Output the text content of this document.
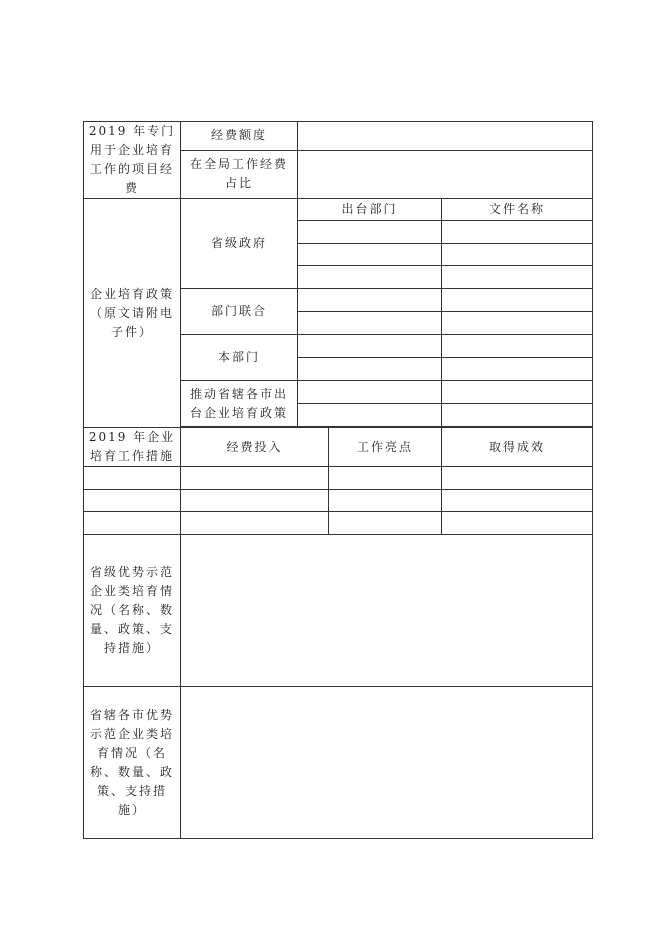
2019 年专门用于企业培育工作的项目经费	经费额度			
	在全局工作经费占比			
企业培育政策（原文请附电子件）	省级政府	出台部门		文件名称

	部门联合			

	本部门			

	推动省辖各市出台企业培育政策			

2019 年企业培育工作措施	经费投入		工作亮点	取得成效

省级优势示范企业类培育情况（名称、数量、政策、支持措施）				
省辖各市优势示范企业类培育情况（名称、数量、政策、支持措施）				
